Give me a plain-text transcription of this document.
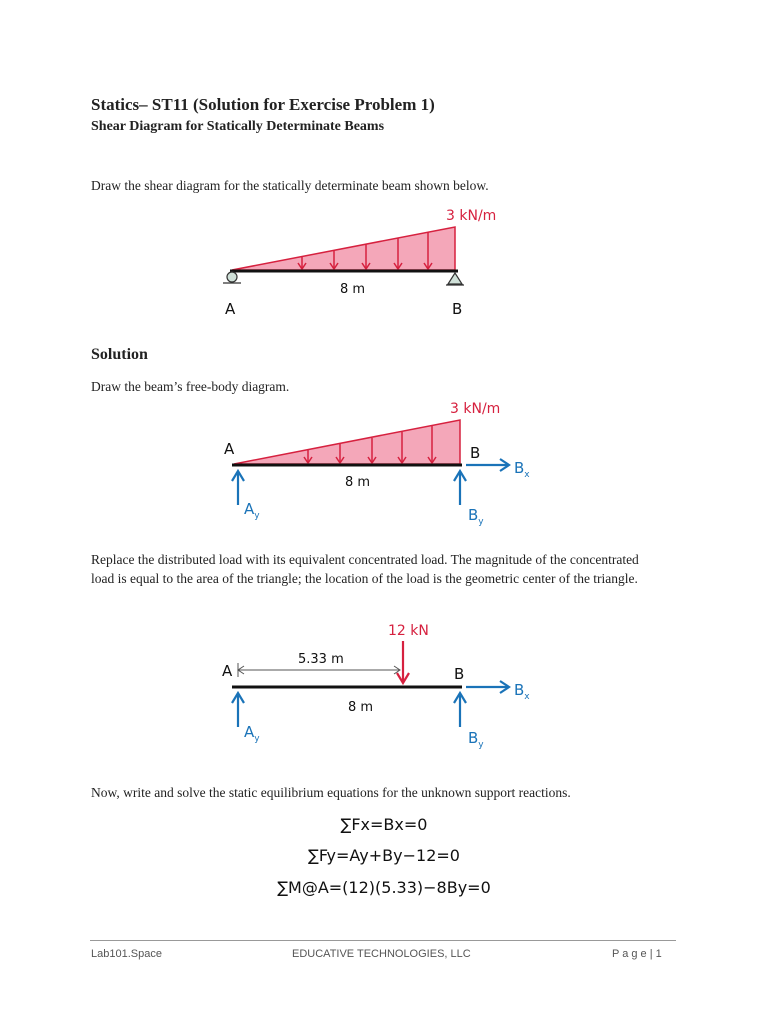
Statics– ST11 (Solution for Exercise Problem 1)
Shear Diagram for Statically Determinate Beams
Draw the shear diagram for the statically determinate beam shown below.
3 kN/m
8 m
A	B
Solution
Draw the beam’s free-body diagram.
3 kN/m
8 m
A	B
$B_x$
$A_y$	$B_y$
Replace the distributed load with its equivalent concentrated load. The magnitude of the concentrated load is equal to the area of the triangle; the location of the load is the geometric center of the triangle.
12 kN
5.33 m
8 m
A	B
$B_x$
$A_y$	$B_y$
Now, write and solve the static equilibrium equations for the unknown support reactions.
∑Fx=Bx=0
∑Fy=Ay+By−12=0
∑M@A=(12)(5.33)−8By=0
Lab101.Space	EDUCATIVE TECHNOLOGIES, LLC	P a g e | 1
